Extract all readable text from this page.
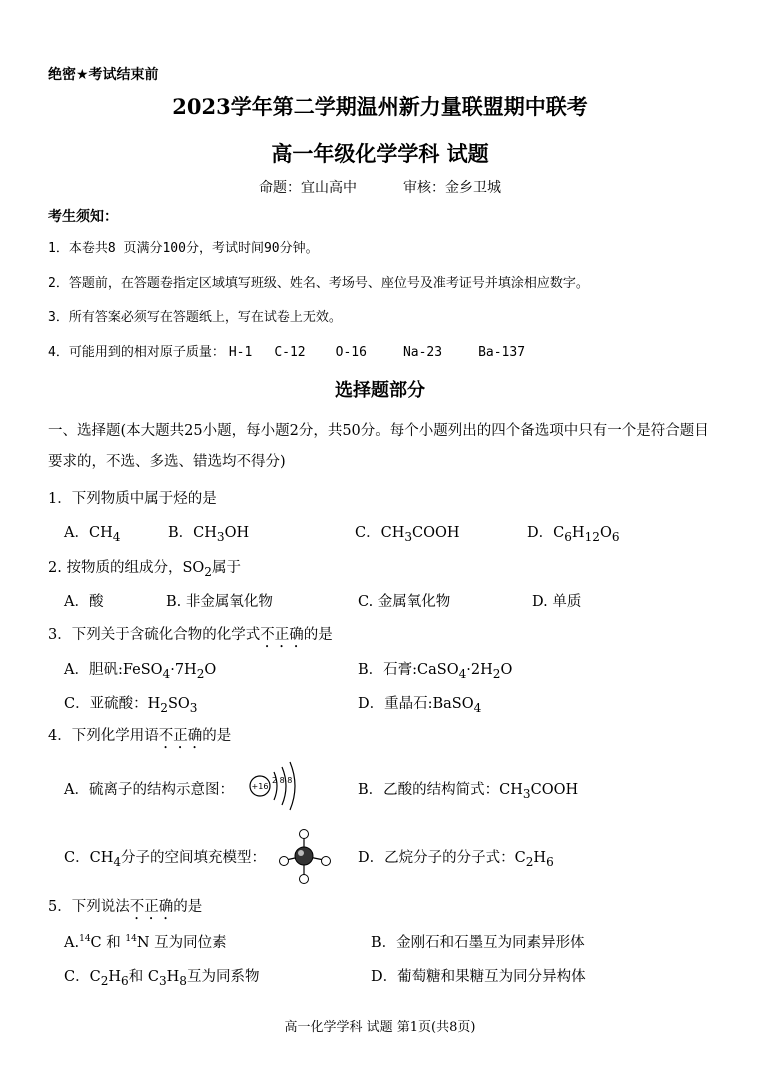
绝密★考试结束前
2023学年第二学期温州新力量联盟期中联考
高一年级化学学科 试题
命题：宜山高中	审核：金乡卫城
考生须知：
1．本卷共8 页满分100分，考试时间90分钟。
2．答题前，在答题卷指定区域填写班级、姓名、考场号、座位号及准考证号并填涂相应数字。
3．所有答案必须写在答题纸上，写在试卷上无效。
4．可能用到的相对原子质量： H-1 C-12 O-16	Na-23	Ba-137
选择题部分
一、选择题(本大题共25小题，每小题2分，共50分。每个小题列出的四个备选项中只有一个是符合题目要求的，不选、多选、错选均不得分)
1．下列物质中属于烃的是
A．$CH_4$	B．$CH_3OH$	C．$CH_3COOH$	D．$C_6H_{12}O_6$
2. 按物质的组成分，$SO_2$属于
A．酸	B. 非金属氧化物	C. 金属氧化物	D. 单质
3．下列关于含硫化合物的化学式不正确的是
A．胆矾$:FeSO_4\cdot 7H_2O$	B．石膏$:CaSO_4\cdot 2H_2O$
C．亚硫酸：$H_2SO_3$	D．重晶石:BaSO$_4$
4．下列化学用语不正确的是
A．硫离子的结构示意图： +16
2 8 8
B．乙酸的结构简式：$CH_3COOH$
C．$CH_4$分子的空间填充模型：	D．乙烷分子的分子式：$C_2H_6$
5．下列说法不正确的是
A.$^{14}$C 和 $^{14}$N 互为同位素	B．金刚石和石墨互为同素异形体
C．$C_2H_6$和 $C_3H_8$互为同系物	D．葡萄糖和果糖互为同分异构体
高一化学学科 试题 第1页(共8页)
